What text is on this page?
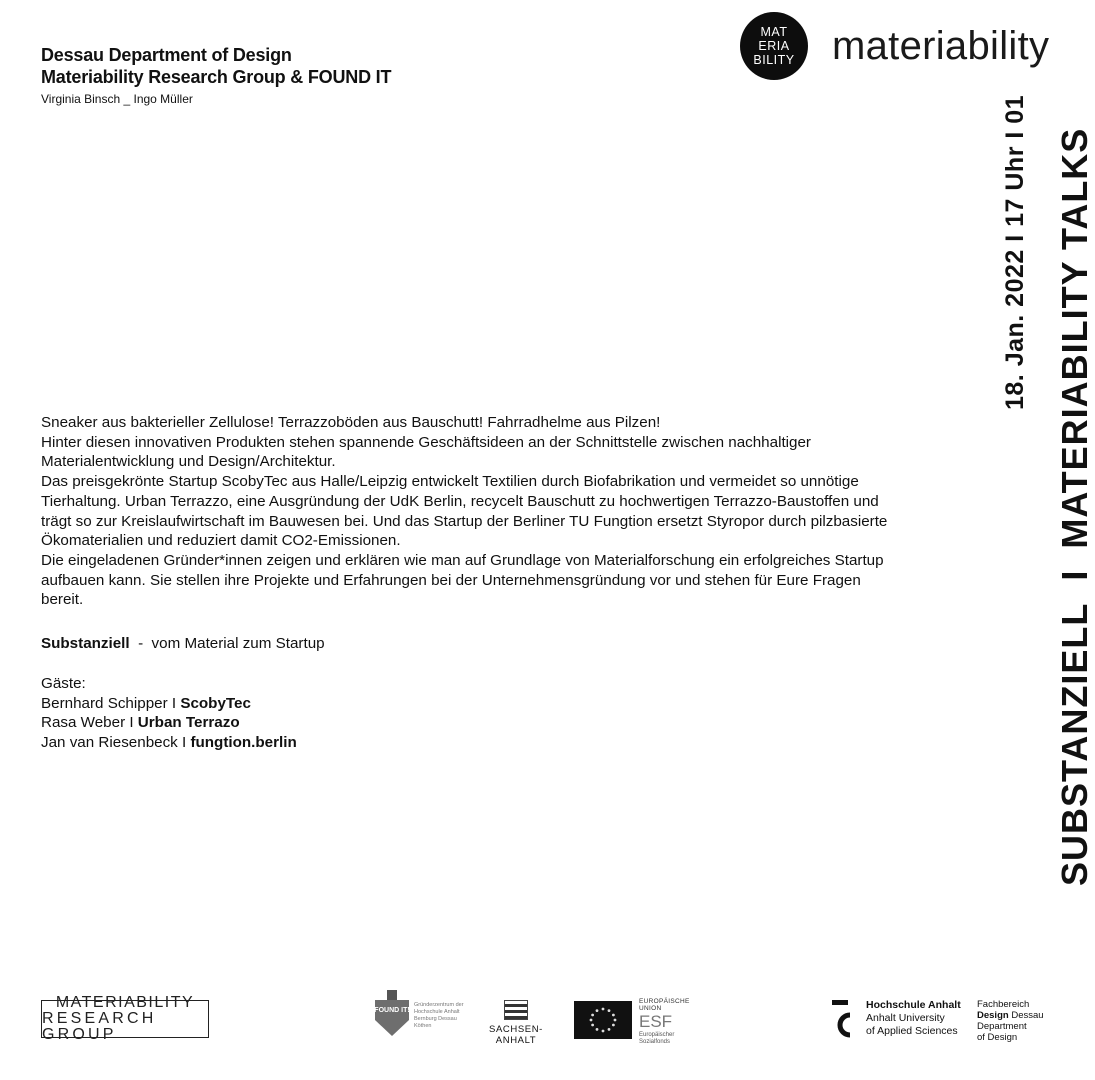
Dessau Department of Design
Materiability Research Group & FOUND IT
Virginia Binsch _ Ingo Müller
MAT
ERIA
BILITY materiability
SUBSTANZIELL
I
MATERIABILITY TALKS
18. Jan. 2022 I 17 Uhr I 01

Sneaker aus bakterieller Zellulose! Terrazzoböden aus Bauschutt! Fahrradhelme aus Pilzen!

Hinter diesen innovativen Produkten stehen spannende Geschäftsideen an der Schnittstelle zwischen nachhaltiger Materialentwicklung und Design/Architektur.

Das preisgekrönte Startup ScobyTec aus Halle/Leipzig entwickelt Textilien durch Biofabrikation und vermeidet so unnötige Tierhaltung. Urban Terrazzo, eine Ausgründung der UdK Berlin, recycelt Bauschutt zu hochwertigen Terrazzo-Baustoffen und trägt so zur Kreislaufwirtschaft im Bauwesen bei. Und das Startup der Berliner TU Fungtion ersetzt Styropor durch pilzbasierte Ökomaterialien und reduziert damit CO2-Emissionen.

Die eingeladenen Gründer*innen zeigen und erklären wie man auf Grundlage von Materialforschung ein erfolgreiches Startup aufbauen kann. Sie stellen ihre Projekte und Erfahrungen bei der Unternehmensgründung vor und stehen für Eure Fragen bereit.

Substanziell  -  vom Material zum Startup
Gäste:
Bernhard Schipper I ScobyTec
Rasa Weber I Urban Terrazo
Jan van Riesenbeck I fungtion.berlin
MATERIABILITY
RESEARCH GROUP
FOUND IT!
Gründerzentrum der Hochschule Anhalt Bernburg Dessau Köthen	SACHSEN-ANHALT
EUROPÄISCHE UNION
ESF
Europäischer
Sozialfonds
Hochschule Anhalt
Anhalt University
of Applied Sciences
Fachbereich
Design Dessau
Department
of Design
